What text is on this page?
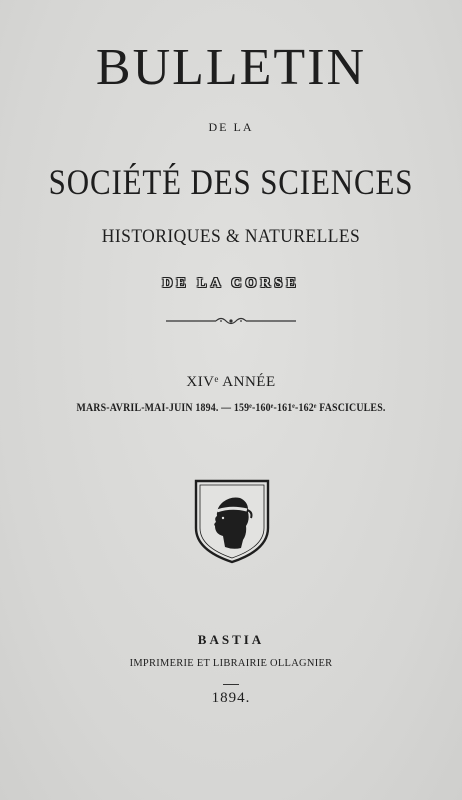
BULLETIN
DE LA
SOCIÉTÉ DES SCIENCES
HISTORIQUES & NATURELLES
DE LA CORSE
XIVᵉ ANNÉE
MARS-AVRIL-MAI-JUIN 1894. — 159ᵉ-160ᵉ-161ᵉ-162ᵉ FASCICULES.
BASTIA
IMPRIMERIE ET LIBRAIRIE OLLAGNIER
1894.
